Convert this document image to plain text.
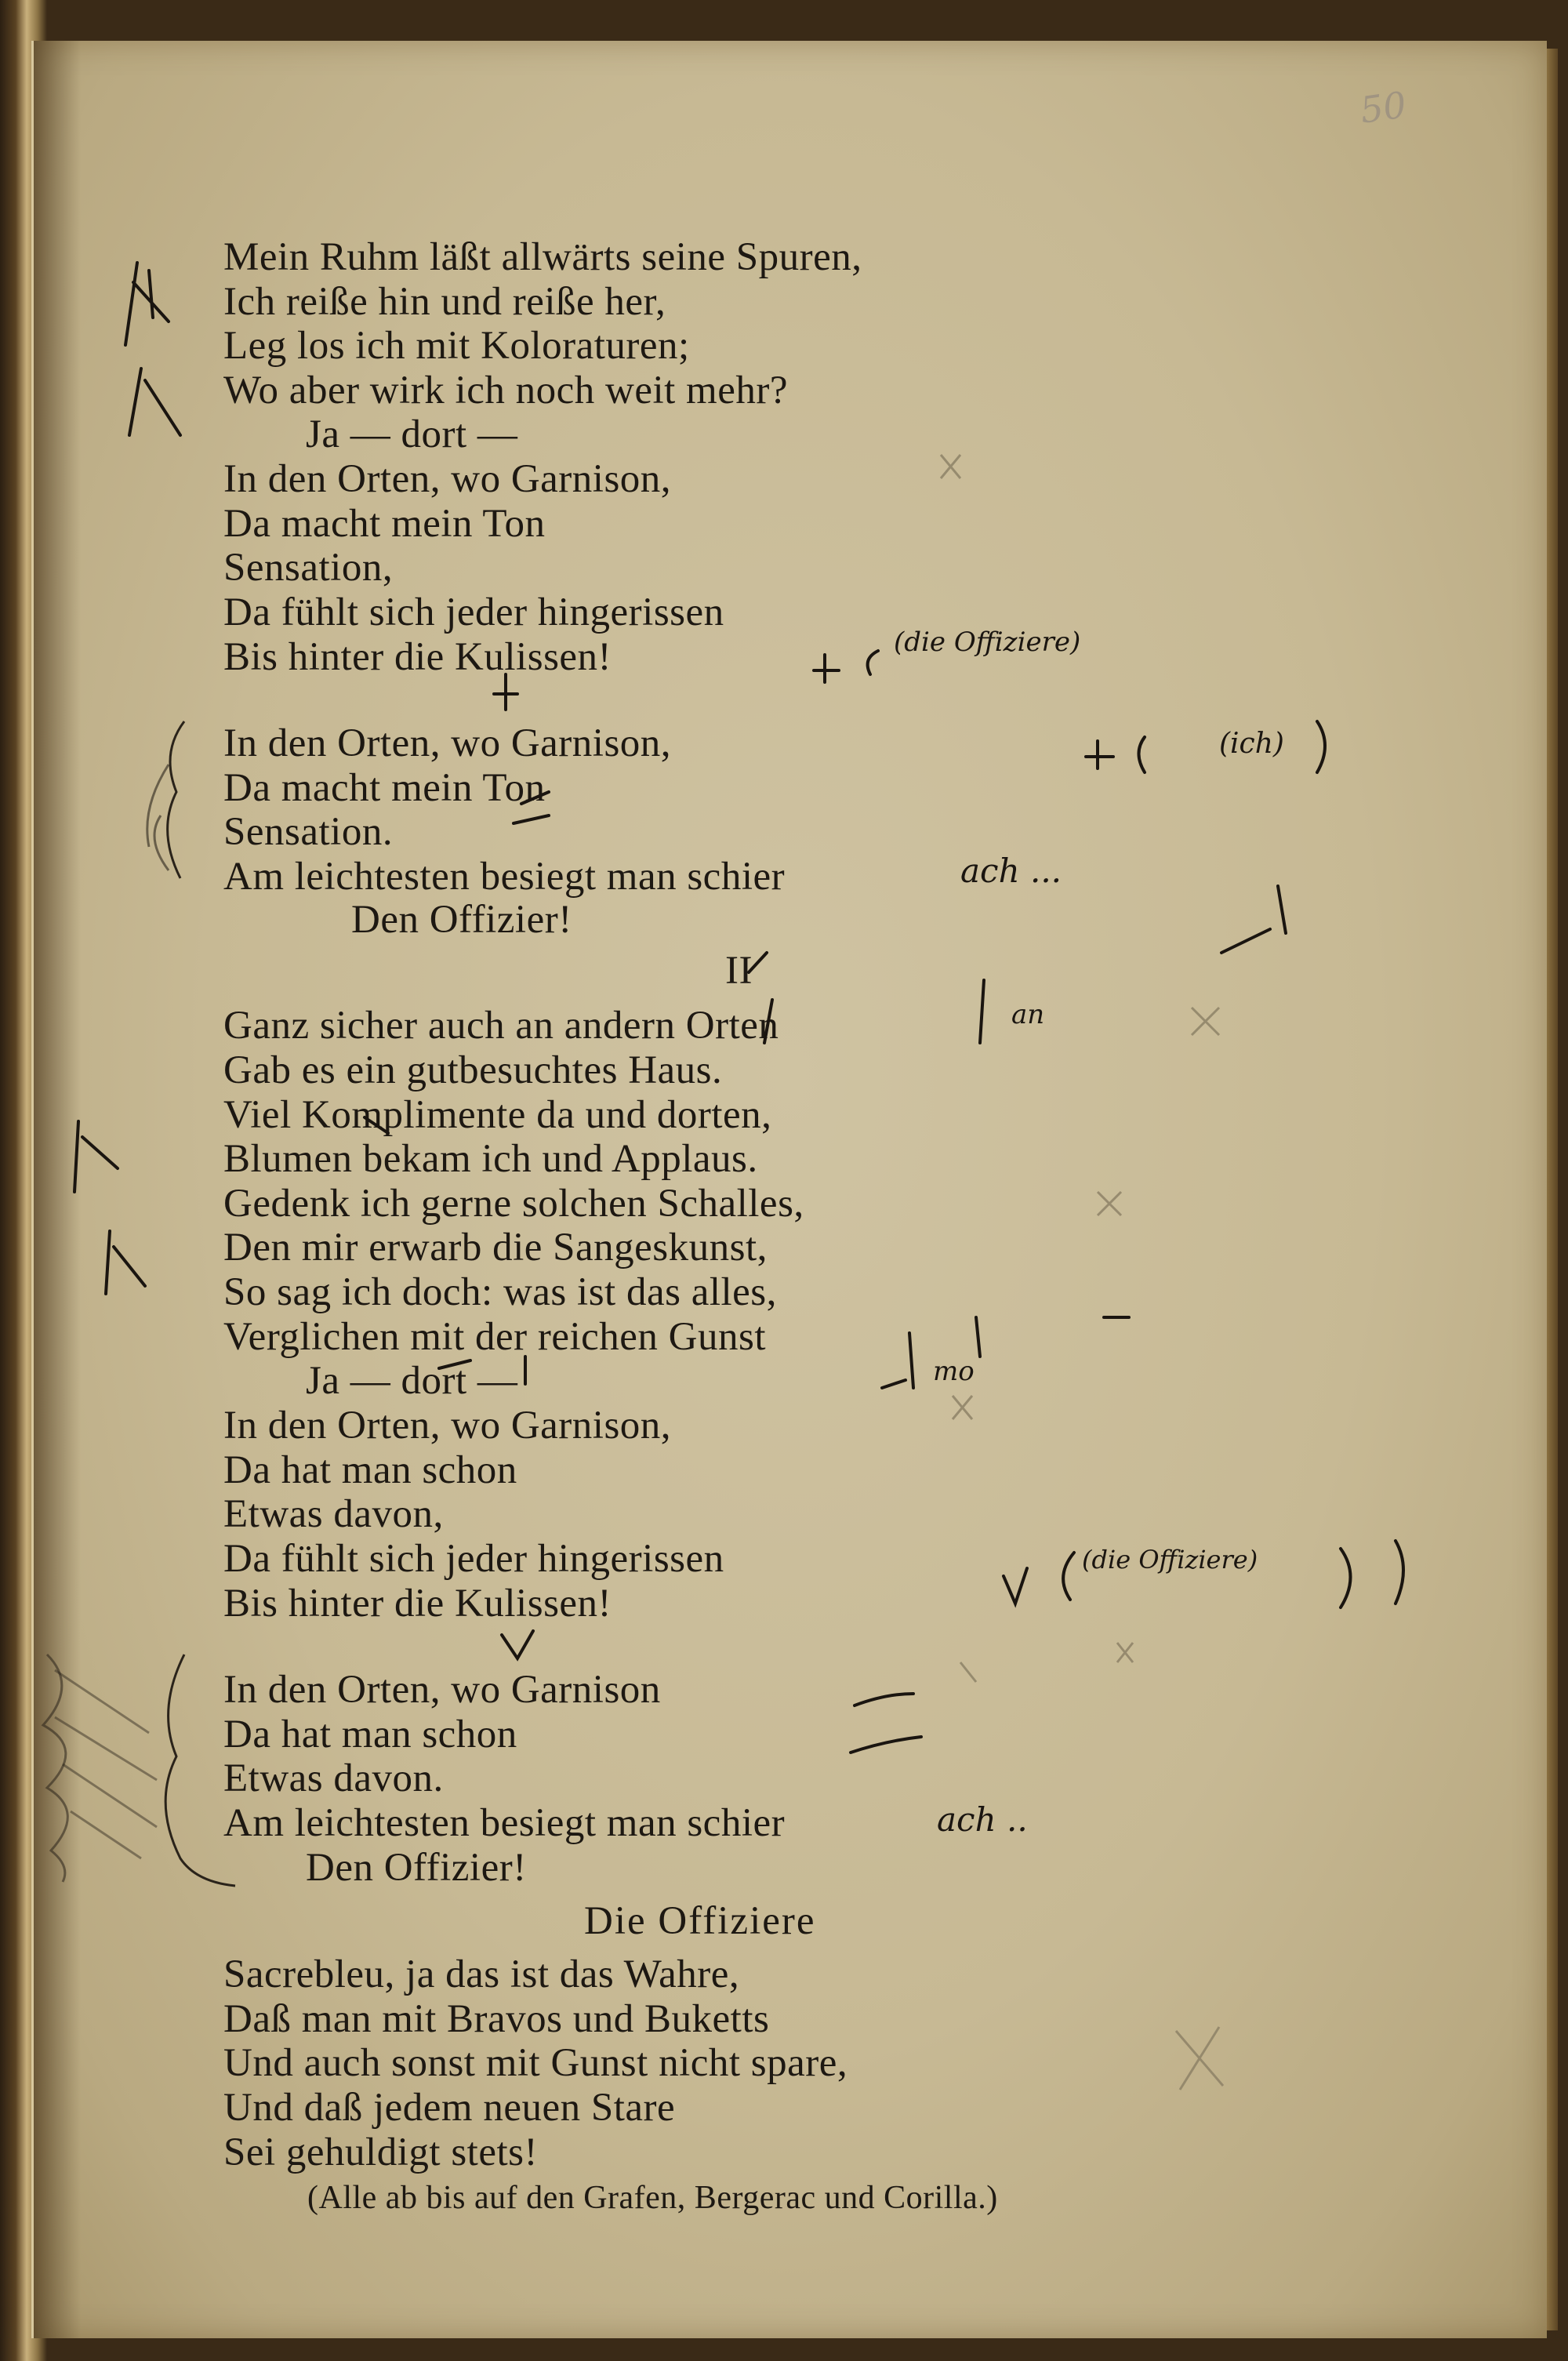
50
Mein Ruhm läßt allwärts seine Spuren,
Ich reiße hin und reiße her,
Leg los ich mit Koloraturen;
Wo aber wirk ich noch weit mehr?
Ja — dort —
In den Orten, wo Garnison,
Da macht mein Ton
Sensation,
Da fühlt sich jeder hingerissen
Bis hinter die Kulissen!
In den Orten, wo Garnison,
Da macht mein Ton
Sensation.
Am leichtesten besiegt man schier
Den Offizier!
II
Ganz sicher auch an andern Orten
Gab es ein gutbesuchtes Haus.
Viel Komplimente da und dorten,
Blumen bekam ich und Applaus.
Gedenk ich gerne solchen Schalles,
Den mir erwarb die Sangeskunst,
So sag ich doch: was ist das alles,
Verglichen mit der reichen Gunst
Ja — dort —
In den Orten, wo Garnison,
Da hat man schon
Etwas davon,
Da fühlt sich jeder hingerissen
Bis hinter die Kulissen!
In den Orten, wo Garnison
Da hat man schon
Etwas davon.
Am leichtesten besiegt man schier
Den Offizier!
Die Offiziere
Sacrebleu, ja das ist das Wahre,
Daß man mit Bravos und Buketts
Und auch sonst mit Gunst nicht spare,
Und daß jedem neuen Stare
Sei gehuldigt stets!
(Alle ab bis auf den Grafen, Bergerac und Corilla.)
ach ...
ach ..
(die Offiziere)
(ich)
(die Offiziere)
an
mo
